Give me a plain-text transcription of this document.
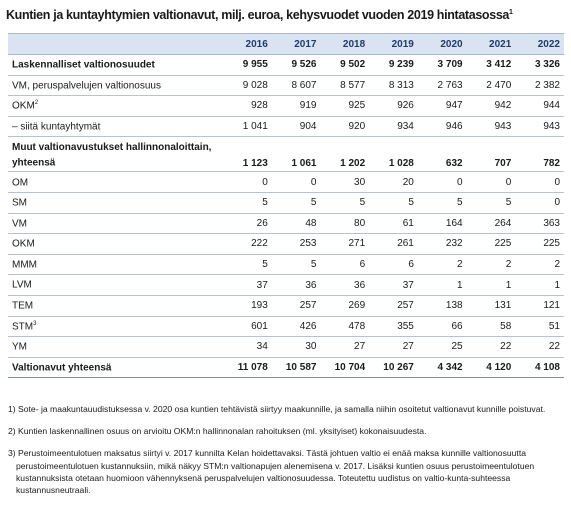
Kuntien ja kuntayhtymien valtionavut, milj. euroa, kehysvuodet vuoden 2019 hintatasossa$^1$
	2016	2017	2018	2019	2020	2021	2022
Laskennalliset valtionosuudet	9 955	9 526	9 502	9 239	3 709	3 412	3 326
VM, peruspalvelujen valtionosuus	9 028	8 607	8 577	8 313	2 763	2 470	2 382
OKM$^2$	928	919	925	926	947	942	944
– siitä kuntayhtymät	1 041	904	920	934	946	943	943
Muut valtionavustukset hallinnonaloittain, yhteensä	1 123	1 061	1 202	1 028	632	707	782
OM	0	0	30	20	0	0	0
SM	5	5	5	5	5	5	0
VM	26	48	80	61	164	264	363
OKM	222	253	271	261	232	225	225
MMM	5	5	6	6	2	2	2
LVM	37	36	36	37	1	1	1
TEM	193	257	269	257	138	131	121
STM$^3$	601	426	478	355	66	58	51
YM	34	30	27	27	25	22	22
Valtionavut yhteensä	11 078	10 587	10 704	10 267	4 342	4 120	4 108

1) Sote- ja maakuntauudistuksessa v. 2020 osa kuntien tehtävistä siirtyy maakunnille, ja samalla niihin osoitetut valtionavut kunnille poistuvat.

2) Kuntien laskennallinen osuus on arvioitu OKM:n hallinnonalan rahoituksen (ml. yksityiset) kokonaisuudesta.

3) Perustoimeentulotuen maksatus siirtyi v. 2017 kunnilta Kelan hoidettavaksi. Tästä johtuen valtio ei enää maksa kunnille valtionosuutta
perustoimeentulotuen kustannuksiin, mikä näkyy STM:n valtionapujen alenemisena v. 2017. Lisäksi kuntien osuus perustoimeentulotuen kustannuksista otetaan huomioon vähennyksenä peruspalvelujen valtionosuudessa. Toteutettu uudistus on valtio-kunta-suhteessa kustannusneutraali.
